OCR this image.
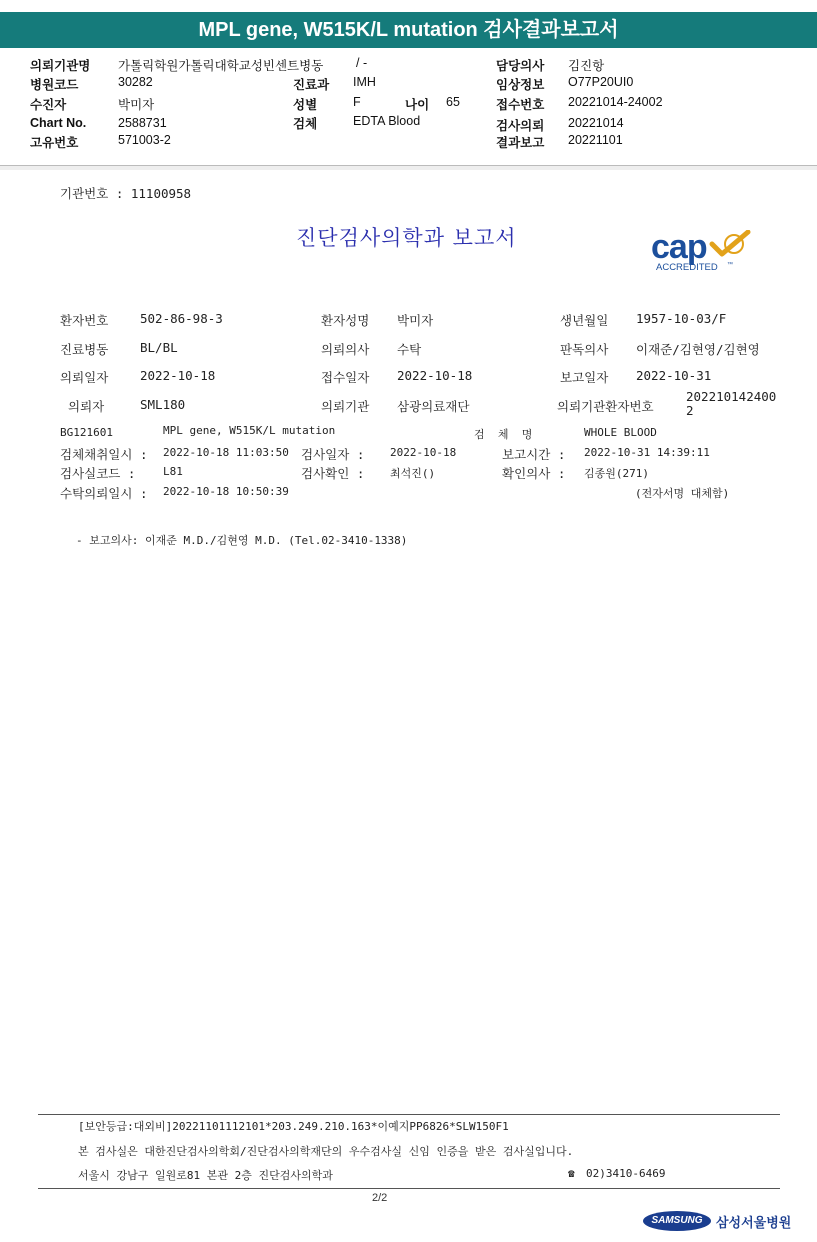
MPL gene, W515K/L mutation 검사결과보고서
의뢰기관명 가톨릭학원가톨릭대학교성빈센트병동
병원코드	30282
수진자	박미자
Chart No.	2588731
고유번호	571003-2
/ -
진료과 IMH
성별	F	나이 65
검체	EDTA Blood
담당의사 김진항
임상정보 O77P20UI0
접수번호 20221014-24002
검사의뢰 20221014
결과보고 20221101
기관번호 : 11100958
진단검사의학과 보고서	cap
ACCREDITED ™
환자번호	502-86-98-3	환자성명 박미자	생년월일 1957-10-03/F
진료병동	BL/BL	의뢰의사 수탁	판독의사 이재준/김현영/김현영
의뢰일자	2022-10-18	접수일자 2022-10-18	보고일자 2022-10-31
의뢰자	SML180	의뢰기관 삼광의료재단	의뢰기관환자번호
202210142400
2
BG121601	MPL gene, W515K/L mutation	검  체  명	WHOLE BLOOD
검체채취일시 : 2022-10-18 11:03:50 검사일자 : 2022-10-18	보고시간 : 2022-10-31 14:39:11
검사실코드 :	L81	검사확인 : 최석진()	확인의사 : 김종원(271)
수탁의뢰일시 : 2022-10-18 10:50:39	(전자서명 대체함)
- 보고의사: 이재준 M.D./김현영 M.D. (Tel.02-3410-1338)
[보안등급:대외비]20221101112101*203.249.210.163*이예지PP6826*SLW150F1
본 검사실은 대한진단검사의학회/진단검사의학재단의 우수검사실 신임 인증을 받은 검사실입니다.
서울시 강남구 일원로81 본관 2층 진단검사의학과	☎ 02)3410-6469
2/2
SAMSUNG	삼성서울병원
